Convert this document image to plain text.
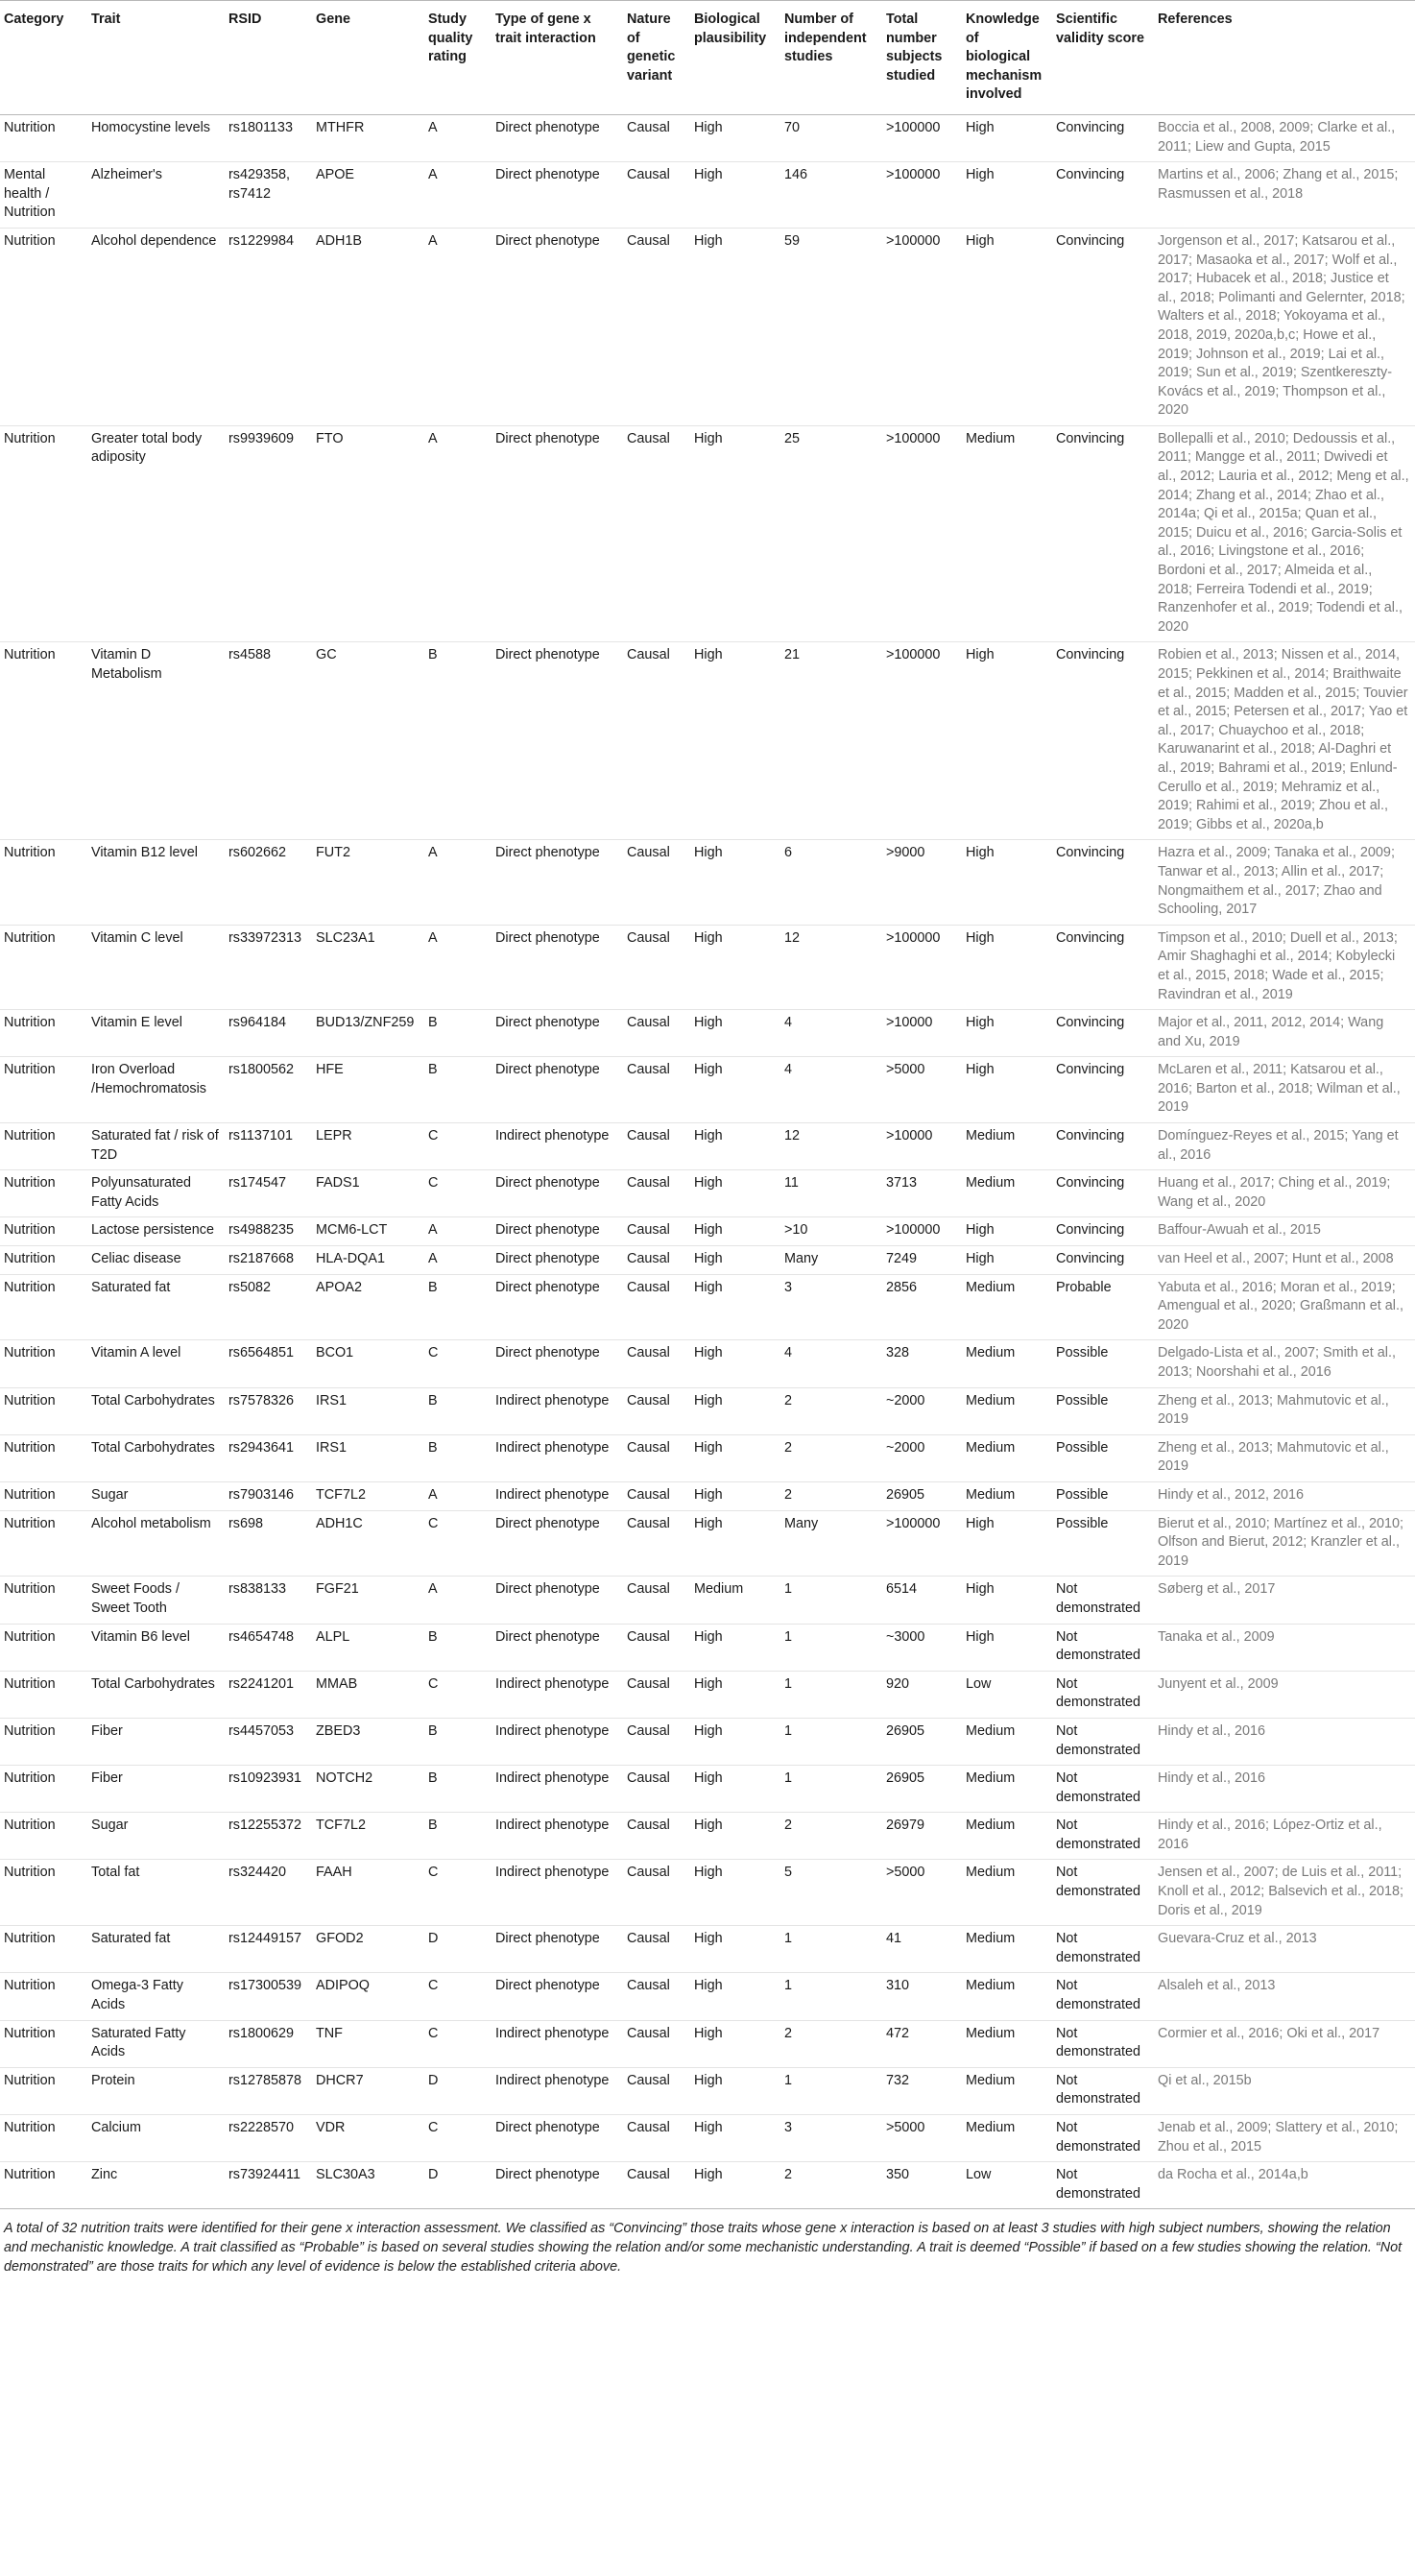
Category	Trait	RSID	Gene	Study quality rating	Type of gene x trait interaction	Nature of genetic variant	Biological plausibility	Number of independent studies	Total number subjects studied	Knowledge of biological mechanism involved	Scientific validity score	References
Nutrition	Homocystine levels	rs1801133	MTHFR	A	Direct phenotype	Causal	High	70	>100000	High	Convincing	Boccia et al., 2008, 2009; Clarke et al., 2011; Liew and Gupta, 2015
Mental health / Nutrition	Alzheimer's	rs429358, rs7412	APOE	A	Direct phenotype	Causal	High	146	>100000	High	Convincing	Martins et al., 2006; Zhang et al., 2015; Rasmussen et al., 2018
Nutrition	Alcohol dependence	rs1229984	ADH1B	A	Direct phenotype	Causal	High	59	>100000	High	Convincing	Jorgenson et al., 2017; Katsarou et al., 2017; Masaoka et al., 2017; Wolf et al., 2017; Hubacek et al., 2018; Justice et al., 2018; Polimanti and Gelernter, 2018; Walters et al., 2018; Yokoyama et al., 2018, 2019, 2020a,b,c; Howe et al., 2019; Johnson et al., 2019; Lai et al., 2019; Sun et al., 2019; Szentkereszty-Kovács et al., 2019; Thompson et al., 2020
Nutrition	Greater total body adiposity	rs9939609	FTO	A	Direct phenotype	Causal	High	25	>100000	Medium	Convincing	Bollepalli et al., 2010; Dedoussis et al., 2011; Mangge et al., 2011; Dwivedi et al., 2012; Lauria et al., 2012; Meng et al., 2014; Zhang et al., 2014; Zhao et al., 2014a; Qi et al., 2015a; Quan et al., 2015; Duicu et al., 2016; Garcia-Solis et al., 2016; Livingstone et al., 2016; Bordoni et al., 2017; Almeida et al., 2018; Ferreira Todendi et al., 2019; Ranzenhofer et al., 2019; Todendi et al., 2020
Nutrition	Vitamin D Metabolism	rs4588	GC	B	Direct phenotype	Causal	High	21	>100000	High	Convincing	Robien et al., 2013; Nissen et al., 2014, 2015; Pekkinen et al., 2014; Braithwaite et al., 2015; Madden et al., 2015; Touvier et al., 2015; Petersen et al., 2017; Yao et al., 2017; Chuaychoo et al., 2018; Karuwanarint et al., 2018; Al-Daghri et al., 2019; Bahrami et al., 2019; Enlund-Cerullo et al., 2019; Mehramiz et al., 2019; Rahimi et al., 2019; Zhou et al., 2019; Gibbs et al., 2020a,b
Nutrition	Vitamin B12 level	rs602662	FUT2	A	Direct phenotype	Causal	High	6	>9000	High	Convincing	Hazra et al., 2009; Tanaka et al., 2009; Tanwar et al., 2013; Allin et al., 2017; Nongmaithem et al., 2017; Zhao and Schooling, 2017
Nutrition	Vitamin C level	rs33972313	SLC23A1	A	Direct phenotype	Causal	High	12	>100000	High	Convincing	Timpson et al., 2010; Duell et al., 2013; Amir Shaghaghi et al., 2014; Kobylecki et al., 2015, 2018; Wade et al., 2015; Ravindran et al., 2019
Nutrition	Vitamin E level	rs964184	BUD13/ZNF259	B	Direct phenotype	Causal	High	4	>10000	High	Convincing	Major et al., 2011, 2012, 2014; Wang and Xu, 2019
Nutrition	Iron Overload /Hemochromatosis	rs1800562	HFE	B	Direct phenotype	Causal	High	4	>5000	High	Convincing	McLaren et al., 2011; Katsarou et al., 2016; Barton et al., 2018; Wilman et al., 2019
Nutrition	Saturated fat / risk of T2D	rs1137101	LEPR	C	Indirect phenotype	Causal	High	12	>10000	Medium	Convincing	Domínguez-Reyes et al., 2015; Yang et al., 2016
Nutrition	Polyunsaturated Fatty Acids	rs174547	FADS1	C	Direct phenotype	Causal	High	11	3713	Medium	Convincing	Huang et al., 2017; Ching et al., 2019; Wang et al., 2020
Nutrition	Lactose persistence	rs4988235	MCM6-LCT	A	Direct phenotype	Causal	High	>10	>100000	High	Convincing	Baffour-Awuah et al., 2015
Nutrition	Celiac disease	rs2187668	HLA-DQA1	A	Direct phenotype	Causal	High	Many	7249	High	Convincing	van Heel et al., 2007; Hunt et al., 2008
Nutrition	Saturated fat	rs5082	APOA2	B	Direct phenotype	Causal	High	3	2856	Medium	Probable	Yabuta et al., 2016; Moran et al., 2019; Amengual et al., 2020; Graßmann et al., 2020
Nutrition	Vitamin A level	rs6564851	BCO1	C	Direct phenotype	Causal	High	4	328	Medium	Possible	Delgado-Lista et al., 2007; Smith et al., 2013; Noorshahi et al., 2016
Nutrition	Total Carbohydrates	rs7578326	IRS1	B	Indirect phenotype	Causal	High	2	~2000	Medium	Possible	Zheng et al., 2013; Mahmutovic et al., 2019
Nutrition	Total Carbohydrates	rs2943641	IRS1	B	Indirect phenotype	Causal	High	2	~2000	Medium	Possible	Zheng et al., 2013; Mahmutovic et al., 2019
Nutrition	Sugar	rs7903146	TCF7L2	A	Indirect phenotype	Causal	High	2	26905	Medium	Possible	Hindy et al., 2012, 2016
Nutrition	Alcohol metabolism	rs698	ADH1C	C	Direct phenotype	Causal	High	Many	>100000	High	Possible	Bierut et al., 2010; Martínez et al., 2010; Olfson and Bierut, 2012; Kranzler et al., 2019
Nutrition	Sweet Foods / Sweet Tooth	rs838133	FGF21	A	Direct phenotype	Causal	Medium	1	6514	High	Not demonstrated	Søberg et al., 2017
Nutrition	Vitamin B6 level	rs4654748	ALPL	B	Direct phenotype	Causal	High	1	~3000	High	Not demonstrated	Tanaka et al., 2009
Nutrition	Total Carbohydrates	rs2241201	MMAB	C	Indirect phenotype	Causal	High	1	920	Low	Not demonstrated	Junyent et al., 2009
Nutrition	Fiber	rs4457053	ZBED3	B	Indirect phenotype	Causal	High	1	26905	Medium	Not demonstrated	Hindy et al., 2016
Nutrition	Fiber	rs10923931	NOTCH2	B	Indirect phenotype	Causal	High	1	26905	Medium	Not demonstrated	Hindy et al., 2016
Nutrition	Sugar	rs12255372	TCF7L2	B	Indirect phenotype	Causal	High	2	26979	Medium	Not demonstrated	Hindy et al., 2016; López-Ortiz et al., 2016
Nutrition	Total fat	rs324420	FAAH	C	Indirect phenotype	Causal	High	5	>5000	Medium	Not demonstrated	Jensen et al., 2007; de Luis et al., 2011; Knoll et al., 2012; Balsevich et al., 2018; Doris et al., 2019
Nutrition	Saturated fat	rs12449157	GFOD2	D	Direct phenotype	Causal	High	1	41	Medium	Not demonstrated	Guevara-Cruz et al., 2013
Nutrition	Omega-3 Fatty Acids	rs17300539	ADIPOQ	C	Direct phenotype	Causal	High	1	310	Medium	Not demonstrated	Alsaleh et al., 2013
Nutrition	Saturated Fatty Acids	rs1800629	TNF	C	Indirect phenotype	Causal	High	2	472	Medium	Not demonstrated	Cormier et al., 2016; Oki et al., 2017
Nutrition	Protein	rs12785878	DHCR7	D	Indirect phenotype	Causal	High	1	732	Medium	Not demonstrated	Qi et al., 2015b
Nutrition	Calcium	rs2228570	VDR	C	Direct phenotype	Causal	High	3	>5000	Medium	Not demonstrated	Jenab et al., 2009; Slattery et al., 2010; Zhou et al., 2015
Nutrition	Zinc	rs73924411	SLC30A3	D	Direct phenotype	Causal	High	2	350	Low	Not demonstrated	da Rocha et al., 2014a,b
A total of 32 nutrition traits were identified for their gene x interaction assessment. We classified as “Convincing” those traits whose gene x interaction is based on at least 3 studies with high subject numbers, showing the relation and mechanistic knowledge. A trait classified as “Probable” is based on several studies showing the relation and/or some mechanistic understanding. A trait is deemed “Possible” if based on a few studies showing the relation. “Not demonstrated” are those traits for which any level of evidence is below the established criteria above.
